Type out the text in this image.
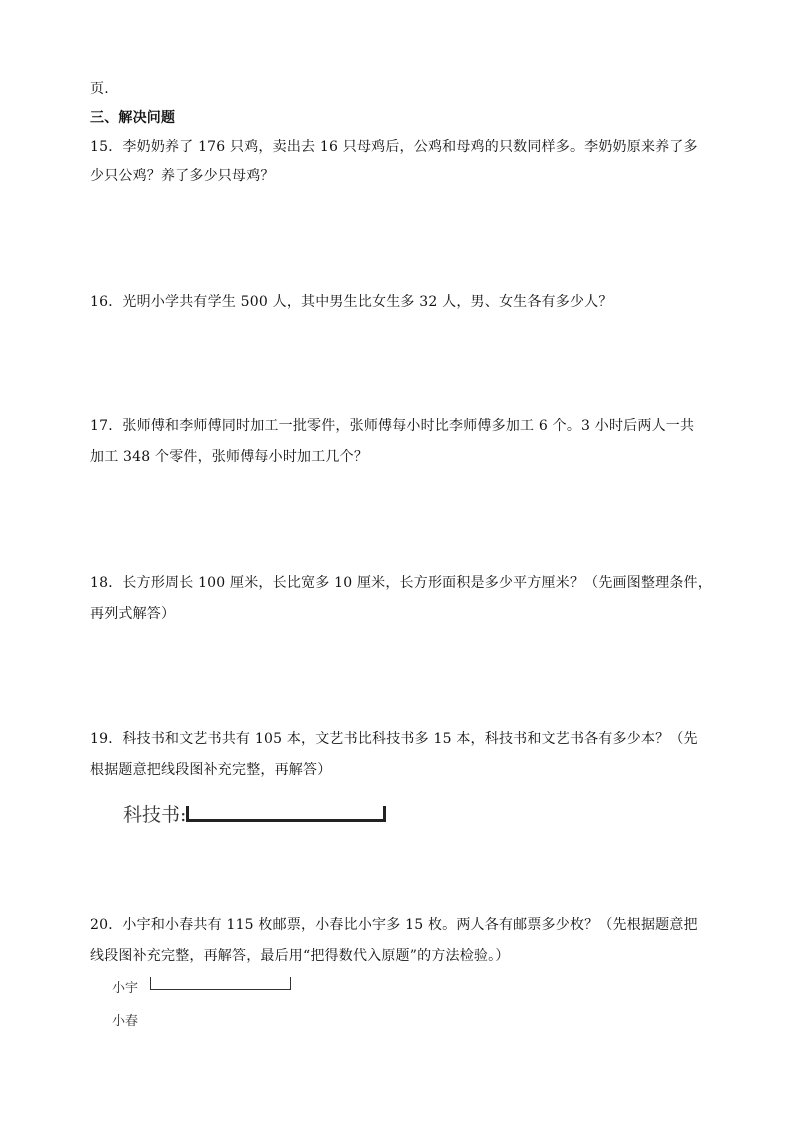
页.
三、解决问题
15．李奶奶养了 176 只鸡，卖出去 16 只母鸡后，公鸡和母鸡的只数同样多。李奶奶原来养了多
少只公鸡？养了多少只母鸡？
16．光明小学共有学生 500 人，其中男生比女生多 32 人，男、女生各有多少人？
17．张师傅和李师傅同时加工一批零件，张师傅每小时比李师傅多加工 6 个。3 小时后两人一共
加工 348 个零件，张师傅每小时加工几个？
18．长方形周长 100 厘米，长比宽多 10 厘米，长方形面积是多少平方厘米？（先画图整理条件，
再列式解答）
19．科技书和文艺书共有 105 本，文艺书比科技书多 15 本，科技书和文艺书各有多少本？（先
根据题意把线段图补充完整，再解答）
科技书:
20．小宇和小春共有 115 枚邮票，小春比小宇多 15 枚。两人各有邮票多少枚？（先根据题意把
线段图补充完整，再解答，最后用“把得数代入原题”的方法检验。）
小宇
小春
